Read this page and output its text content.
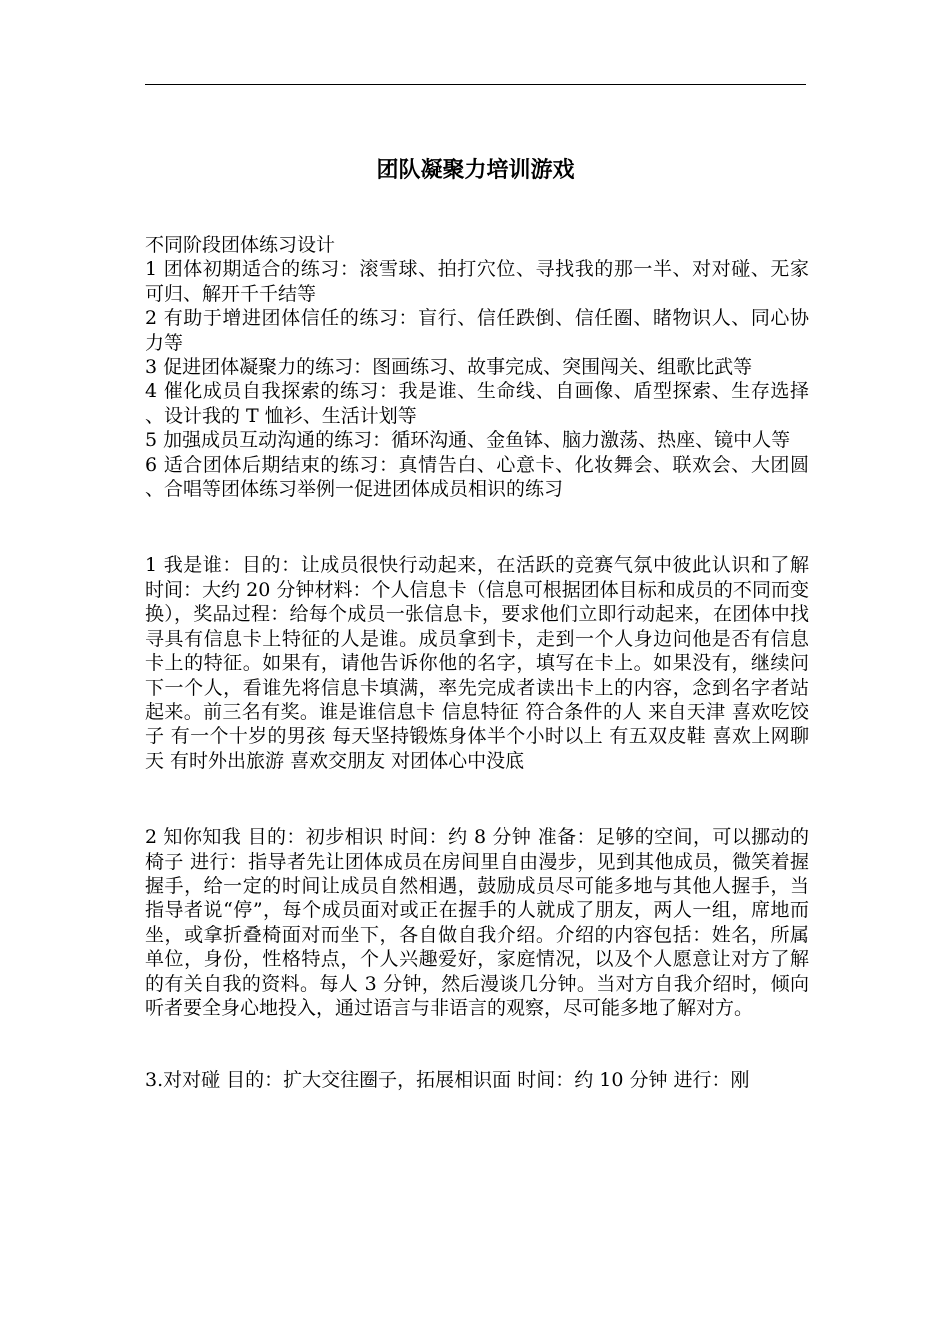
团队凝聚力培训游戏

不同阶段团体练习设计

1 团体初期适合的练习：滚雪球、拍打穴位、寻找我的那一半、对对碰、无家可归、解开千千结等

2 有助于增进团体信任的练习：盲行、信任跌倒、信任圈、睹物识人、同心协力等

3 促进团体凝聚力的练习：图画练习、故事完成、突围闯关、组歌比武等

4 催化成员自我探索的练习：我是谁、生命线、自画像、盾型探索、生存选择、设计我的 T 恤衫、生活计划等

5 加强成员互动沟通的练习：循环沟通、金鱼钵、脑力激荡、热座、镜中人等

6 适合团体后期结束的练习：真情告白、心意卡、化妆舞会、联欢会、大团圆、合唱等团体练习举例一促进团体成员相识的练习

1 我是谁：目的：让成员很快行动起来，在活跃的竞赛气氛中彼此认识和了解时间：大约 20 分钟材料：个人信息卡（信息可根据团体目标和成员的不同而变换），奖品过程：给每个成员一张信息卡，要求他们立即行动起来，在团体中找寻具有信息卡上特征的人是谁。成员拿到卡，走到一个人身边问他是否有信息卡上的特征。如果有，请他告诉你他的名字，填写在卡上。如果没有，继续问下一个人，看谁先将信息卡填满，率先完成者读出卡上的内容，念到名字者站起来。前三名有奖。谁是谁信息卡 信息特征 符合条件的人 来自天津 喜欢吃饺子 有一个十岁的男孩 每天坚持锻炼身体半个小时以上 有五双皮鞋 喜欢上网聊天 有时外出旅游 喜欢交朋友 对团体心中没底

2 知你知我 目的：初步相识 时间：约 8 分钟 准备：足够的空间，可以挪动的椅子 进行：指导者先让团体成员在房间里自由漫步，见到其他成员，微笑着握握手，给一定的时间让成员自然相遇，鼓励成员尽可能多地与其他人握手，当指导者说“停”，每个成员面对或正在握手的人就成了朋友，两人一组，席地而坐，或拿折叠椅面对而坐下，各自做自我介绍。介绍的内容包括：姓名，所属单位，身份，性格特点，个人兴趣爱好，家庭情况，以及个人愿意让对方了解的有关自我的资料。每人 3 分钟，然后漫谈几分钟。当对方自我介绍时，倾向听者要全身心地投入，通过语言与非语言的观察，尽可能多地了解对方。

3.对对碰 目的：扩大交往圈子，拓展相识面 时间：约 10 分钟 进行：刚
